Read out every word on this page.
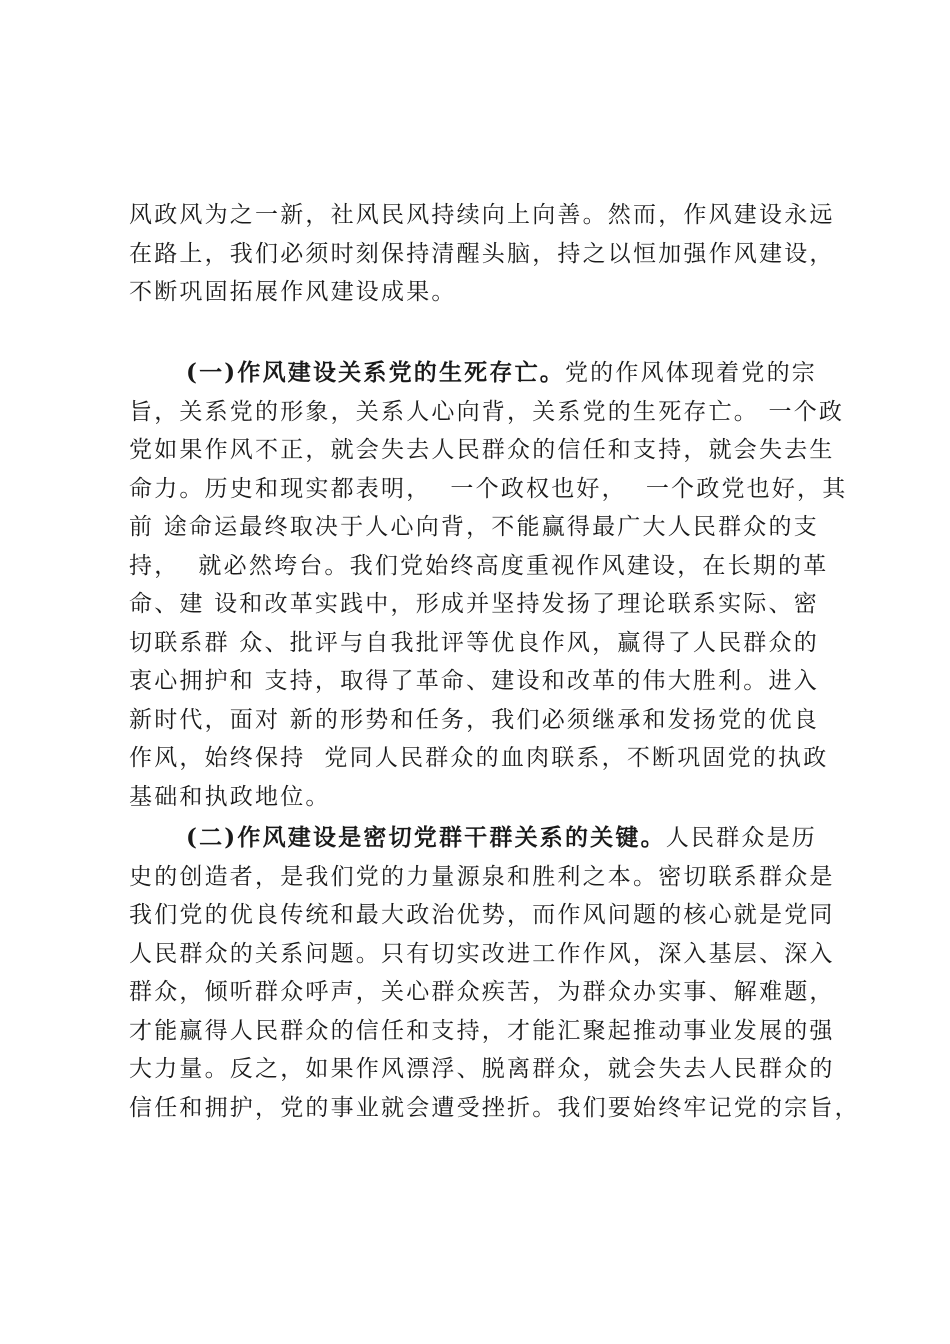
风政风为之一新，社风民风持续向上向善。然而，作风建设永远
在路上，我们必须时刻保持清醒头脑，持之以恒加强作风建设，
不断巩固拓展作风建设成果。
(一)作风建设关系党的生死存亡。党的作风体现着党的宗
旨，关系党的形象，关系人心向背，关系党的生死存亡。 一个政
党如果作风不正，就会失去人民群众的信任和支持，就会失去生
命力。历史和现实都表明，  一个政权也好，  一个政党也好，其
前 途命运最终取决于人心向背，不能赢得最广大人民群众的支
持，  就必然垮台。我们党始终高度重视作风建设，在长期的革
命、建 设和改革实践中，形成并坚持发扬了理论联系实际、密
切联系群 众、批评与自我批评等优良作风，赢得了人民群众的
衷心拥护和 支持，取得了革命、建设和改革的伟大胜利。进入
新时代，面对 新的形势和任务，我们必须继承和发扬党的优良
作风，始终保持  党同人民群众的血肉联系，不断巩固党的执政
基础和执政地位。
(二)作风建设是密切党群干群关系的关键。人民群众是历
史的创造者，是我们党的力量源泉和胜利之本。密切联系群众是
我们党的优良传统和最大政治优势，而作风问题的核心就是党同
人民群众的关系问题。只有切实改进工作作风，深入基层、深入
群众，倾听群众呼声，关心群众疾苦，为群众办实事、解难题，
才能赢得人民群众的信任和支持，才能汇聚起推动事业发展的强
大力量。反之，如果作风漂浮、脱离群众，就会失去人民群众的
信任和拥护，党的事业就会遭受挫折。我们要始终牢记党的宗旨，
